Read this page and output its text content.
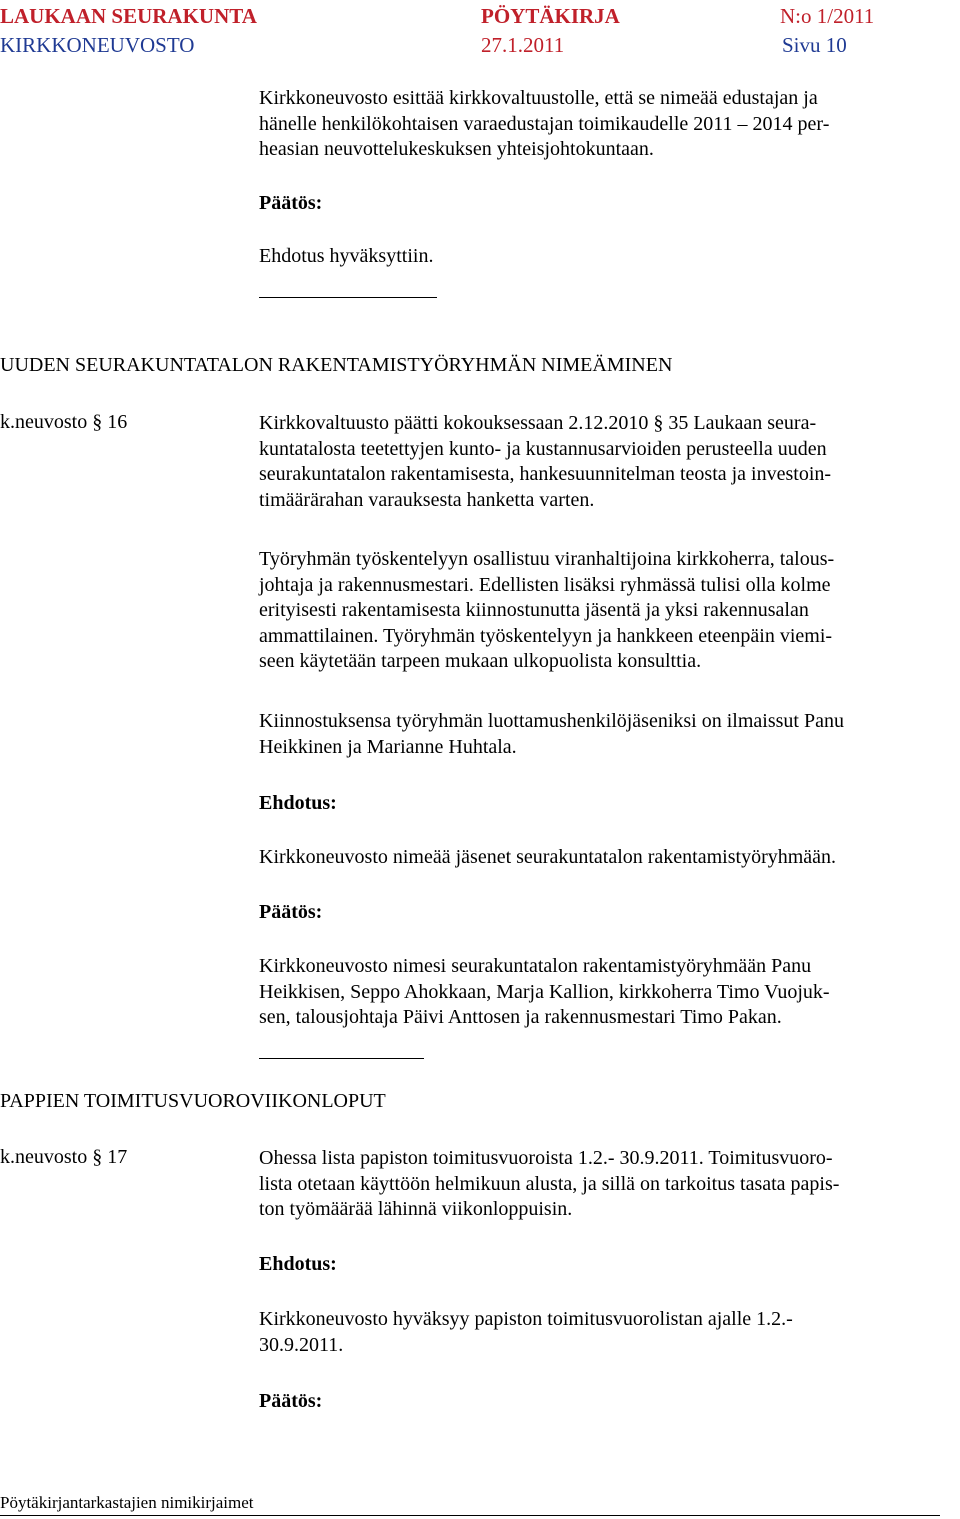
LAUKAAN SEURAKUNTA	PÖYTÄKIRJA	N:o 1/2011
KIRKKONEUVOSTO	27.1.2011	Sivu 10
Kirkkoneuvosto esittää kirkkovaltuustolle, että se nimeää edustajan ja
hänelle henkilökohtaisen varaedustajan toimikaudelle 2011 – 2014 per-
heasian neuvottelukeskuksen yhteisjohtokuntaan.
Päätös:
Ehdotus hyväksyttiin.
UUDEN SEURAKUNTATALON RAKENTAMISTYÖRYHMÄN NIMEÄMINEN
k.neuvosto § 16	Kirkkovaltuusto päätti kokouksessaan 2.12.2010 § 35 Laukaan seura-
kuntatalosta teetettyjen kunto- ja kustannusarvioiden perusteella uuden
seurakuntatalon rakentamisesta, hankesuunnitelman teosta ja investoin-
timäärärahan varauksesta hanketta varten.
Työryhmän työskentelyyn osallistuu viranhaltijoina kirkkoherra, talous-
johtaja ja rakennusmestari. Edellisten lisäksi ryhmässä tulisi olla kolme
erityisesti rakentamisesta kiinnostunutta jäsentä ja yksi rakennusalan
ammattilainen. Työryhmän työskentelyyn ja hankkeen eteenpäin viemi-
seen käytetään tarpeen mukaan ulkopuolista konsulttia.
Kiinnostuksensa työryhmän luottamushenkilöjäseniksi on ilmaissut Panu
Heikkinen ja Marianne Huhtala.
Ehdotus:
Kirkkoneuvosto nimeää jäsenet seurakuntatalon rakentamistyöryhmään.
Päätös:
Kirkkoneuvosto nimesi seurakuntatalon rakentamistyöryhmään Panu
Heikkisen, Seppo Ahokkaan, Marja Kallion, kirkkoherra Timo Vuojuk-
sen, talousjohtaja Päivi Anttosen ja rakennusmestari Timo Pakan.
PAPPIEN TOIMITUSVUOROVIIKONLOPUT
k.neuvosto § 17	Ohessa lista papiston toimitusvuoroista 1.2.- 30.9.2011. Toimitusvuoro-
lista otetaan käyttöön helmikuun alusta, ja sillä on tarkoitus tasata papis-
ton työmäärää lähinnä viikonloppuisin.
Ehdotus:
Kirkkoneuvosto hyväksyy papiston toimitusvuorolistan ajalle 1.2.-
30.9.2011.
Päätös:
Pöytäkirjantarkastajien nimikirjaimet
